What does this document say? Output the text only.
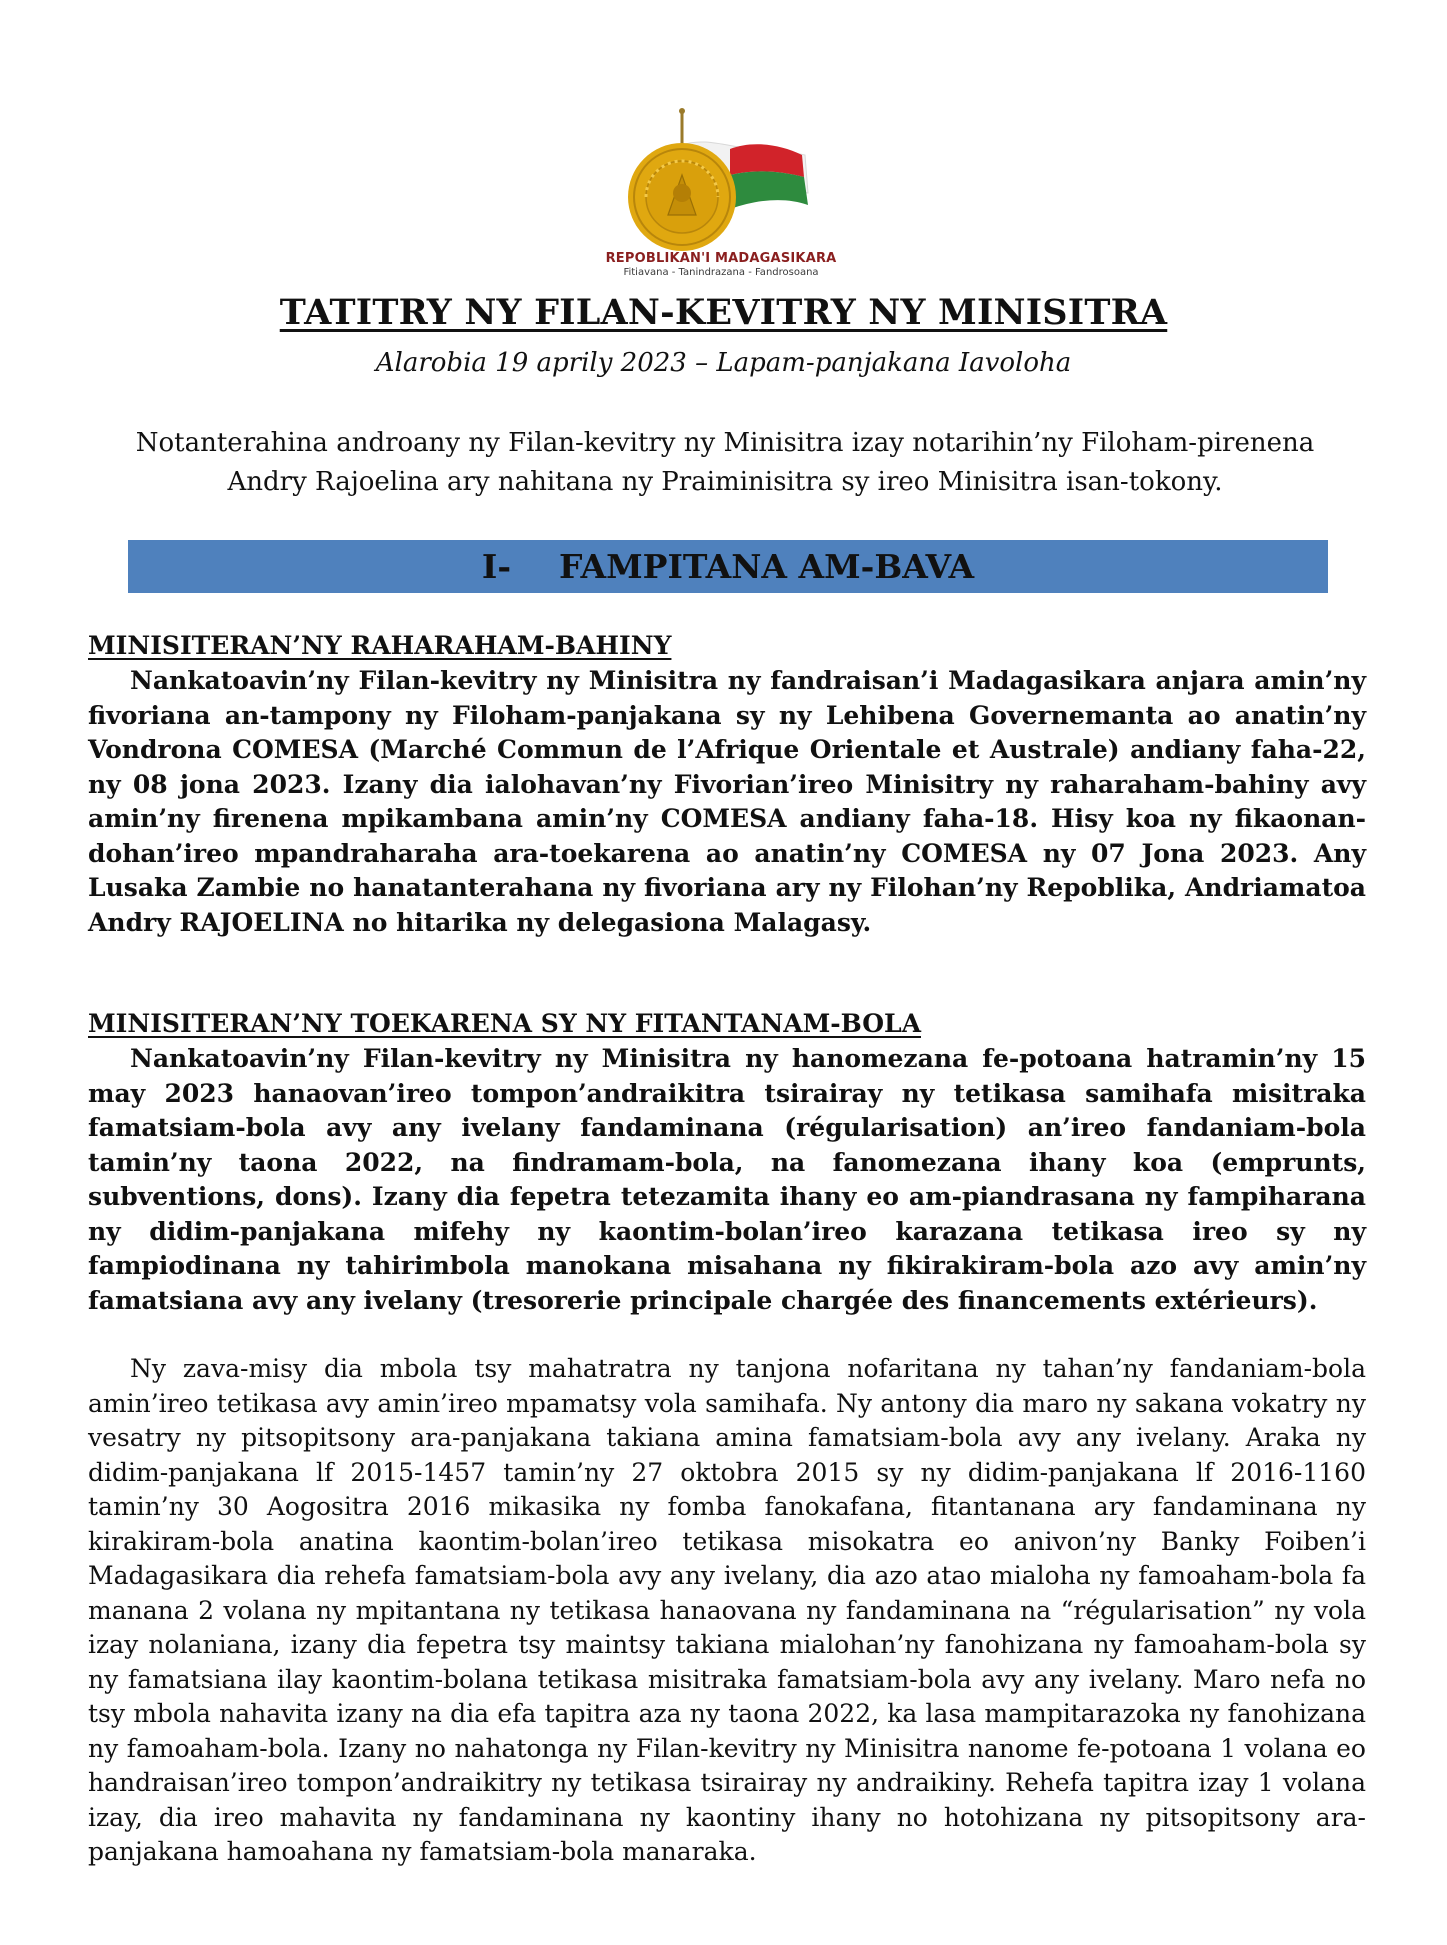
REPOBLIKAN'I MADAGASIKARA
Fitiavana - Tanindrazana - Fandrosoana
TATITRY NY FILAN-KEVITRY NY MINISITRA
Alarobia 19 aprily 2023 – Lapam-panjakana Iavoloha
Notanterahina androany ny Filan-kevitry ny Minisitra izay notarihin’ny Filoham-pirenena Andry Rajoelina ary nahitana ny Praiminisitra sy ireo Minisitra isan-tokony.
I- FAMPITANA AM-BAVA
MINISITERAN’NY RAHARAHAM-BAHINY

Nankatoavin’ny Filan-kevitry ny Minisitra ny fandraisan’i Madagasikara anjara amin’ny fivoriana an-tampony ny Filoham-panjakana sy ny Lehibena Governemanta ao anatin’ny Vondrona COMESA (Marché Commun de l’Afrique Orientale et Australe) andiany faha-22, ny 08 jona 2023. Izany dia ialohavan’ny Fivorian’ireo Minisitry ny raharaham-bahiny avy amin’ny firenena mpikambana amin’ny COMESA andiany faha-18. Hisy koa ny fikaonan-dohan’ireo mpandraharaha ara-toekarena ao anatin’ny COMESA ny 07 Jona 2023. Any Lusaka Zambie no hanatanterahana ny fivoriana ary ny Filohan’ny Repoblika, Andriamatoa Andry RAJOELINA no hitarika ny delegasiona Malagasy.

MINISITERAN’NY TOEKARENA SY NY FITANTANAM-BOLA

Nankatoavin’ny Filan-kevitry ny Minisitra ny hanomezana fe-potoana hatramin’ny 15 may 2023 hanaovan’ireo tompon’andraikitra tsirairay ny tetikasa samihafa misitraka famatsiam-bola avy any ivelany fandaminana (régularisation) an’ireo fandaniam-bola tamin’ny taona 2022, na findramam-bola, na fanomezana ihany koa (emprunts, subventions, dons). Izany dia fepetra tetezamita ihany eo am-piandrasana ny fampiharana ny didim-panjakana mifehy ny kaontim-bolan’ireo karazana tetikasa ireo sy ny fampiodinana ny tahirimbola manokana misahana ny fikirakiram-bola azo avy amin’ny famatsiana avy any ivelany (tresorerie principale chargée des financements extérieurs).

Ny zava-misy dia mbola tsy mahatratra ny tanjona nofaritana ny tahan’ny fandaniam-bola amin’ireo tetikasa avy amin’ireo mpamatsy vola samihafa. Ny antony dia maro ny sakana vokatry ny vesatry ny pitsopitsony ara-panjakana takiana amina famatsiam-bola avy any ivelany. Araka ny didim-panjakana lf 2015-1457 tamin’ny 27 oktobra 2015 sy ny didim-panjakana lf 2016-1160 tamin’ny 30 Aogositra 2016 mikasika ny fomba fanokafana, fitantanana ary fandaminana ny kirakiram-bola anatina kaontim-bolan’ireo tetikasa misokatra eo anivon’ny Banky Foiben’i Madagasikara dia rehefa famatsiam-bola avy any ivelany, dia azo atao mialoha ny famoaham-bola fa manana 2 volana ny mpitantana ny tetikasa hanaovana ny fandaminana na “régularisation” ny vola izay nolaniana, izany dia fepetra tsy maintsy takiana mialohan’ny fanohizana ny famoaham-bola sy ny famatsiana ilay kaontim-bolana tetikasa misitraka famatsiam-bola avy any ivelany. Maro nefa no tsy mbola nahavita izany na dia efa tapitra aza ny taona 2022, ka lasa mampitarazoka ny fanohizana ny famoaham-bola. Izany no nahatonga ny Filan-kevitry ny Minisitra nanome fe-potoana 1 volana eo handraisan’ireo tompon’andraikitry ny tetikasa tsirairay ny andraikiny. Rehefa tapitra izay 1 volana izay, dia ireo mahavita ny fandaminana ny kaontiny ihany no hotohizana ny pitsopitsony ara-panjakana hamoahana ny famatsiam-bola manaraka.
